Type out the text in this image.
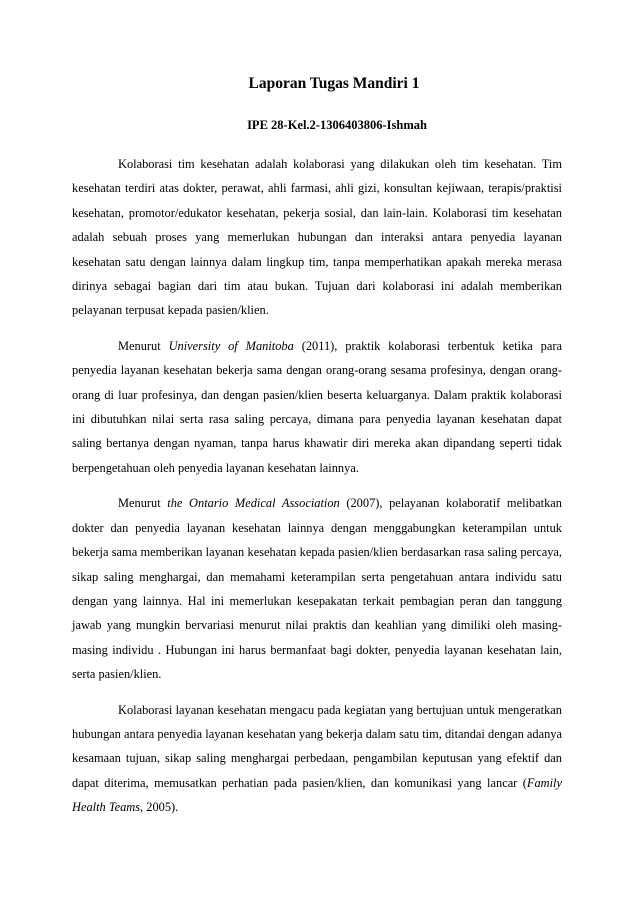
Laporan Tugas Mandiri 1
IPE 28-Kel.2-1306403806-Ishmah

Kolaborasi tim kesehatan adalah kolaborasi yang dilakukan oleh tim kesehatan. Tim kesehatan terdiri atas dokter, perawat, ahli farmasi, ahli gizi, konsultan kejiwaan, terapis/praktisi kesehatan, promotor/edukator kesehatan, pekerja sosial, dan lain-lain. Kolaborasi tim kesehatan adalah sebuah proses yang memerlukan hubungan dan interaksi antara penyedia layanan kesehatan satu dengan lainnya dalam lingkup tim, tanpa memperhatikan apakah mereka merasa dirinya sebagai bagian dari tim atau bukan. Tujuan dari kolaborasi ini adalah memberikan pelayanan terpusat kepada pasien/klien.

Menurut University of Manitoba (2011), praktik kolaborasi terbentuk ketika para penyedia layanan kesehatan bekerja sama dengan orang-orang sesama profesinya, dengan orang-orang di luar profesinya, dan dengan pasien/klien beserta keluarganya. Dalam praktik kolaborasi ini dibutuhkan nilai serta rasa saling percaya, dimana para penyedia layanan kesehatan dapat saling bertanya dengan nyaman, tanpa harus khawatir diri mereka akan dipandang seperti tidak berpengetahuan oleh penyedia layanan kesehatan lainnya.

Menurut the Ontario Medical Association (2007), pelayanan kolaboratif melibatkan dokter dan penyedia layanan kesehatan lainnya dengan menggabungkan keterampilan untuk bekerja sama memberikan layanan kesehatan kepada pasien/klien berdasarkan rasa saling percaya, sikap saling menghargai, dan memahami keterampilan serta pengetahuan antara individu satu dengan yang lainnya. Hal ini memerlukan kesepakatan terkait pembagian peran dan tanggung jawab yang mungkin bervariasi menurut nilai praktis dan keahlian yang dimiliki oleh masing-masing individu . Hubungan ini harus bermanfaat bagi dokter, penyedia layanan kesehatan lain, serta pasien/klien.

Kolaborasi layanan kesehatan mengacu pada kegiatan yang bertujuan untuk mengeratkan hubungan antara penyedia layanan kesehatan yang bekerja dalam satu tim, ditandai dengan adanya kesamaan tujuan, sikap saling menghargai perbedaan, pengambilan keputusan yang efektif dan dapat diterima, memusatkan perhatian pada pasien/klien, dan komunikasi yang lancar (Family Health Teams, 2005).
